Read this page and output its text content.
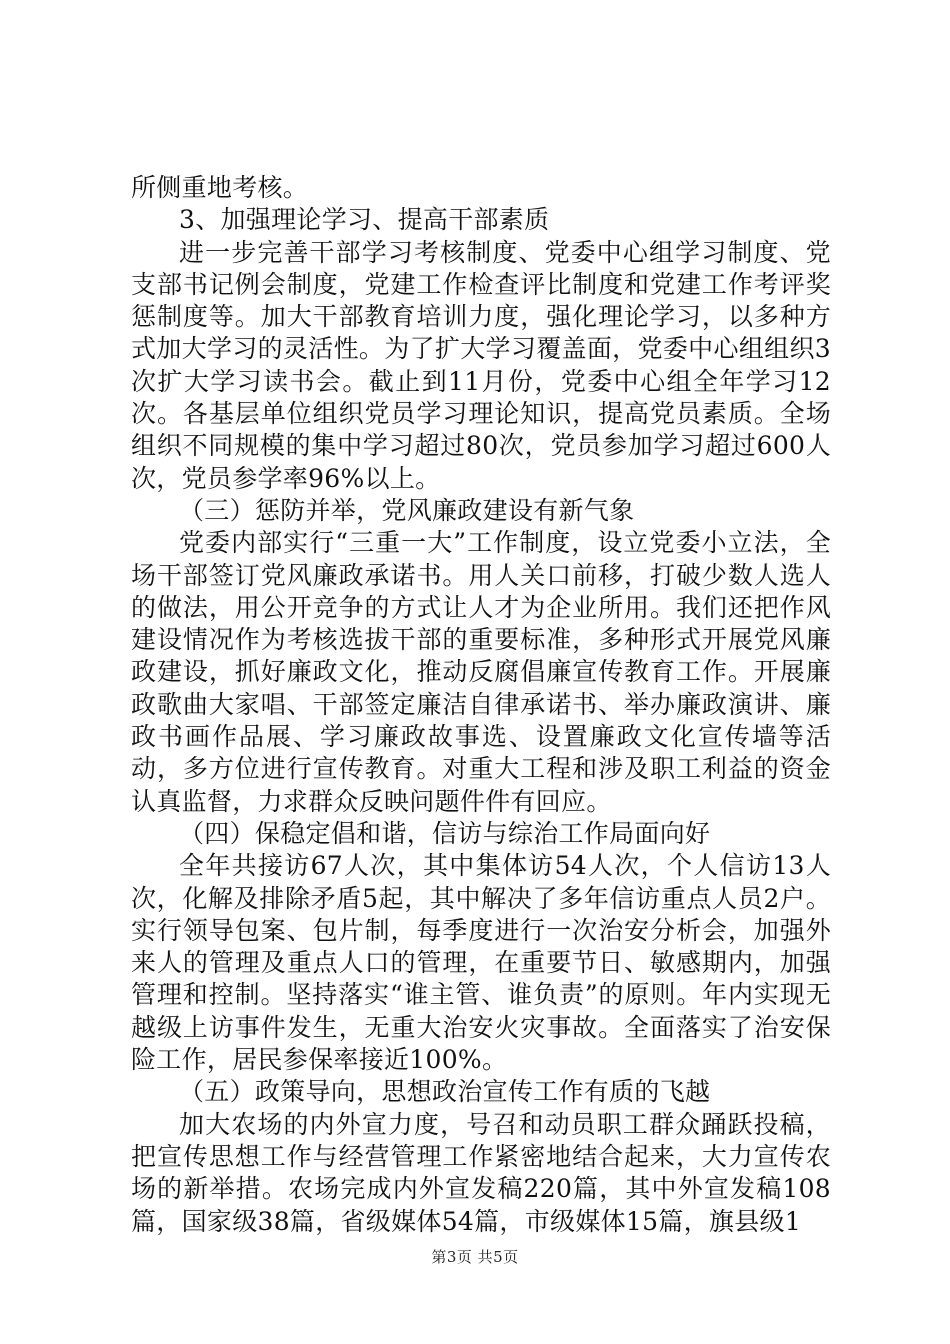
所侧重地考核。

3、加强理论学习、提高干部素质

进一步完善干部学习考核制度、党委中心组学习制度、党支部书记例会制度，党建工作检查评比制度和党建工作考评奖惩制度等。加大干部教育培训力度，强化理论学习，以多种方式加大学习的灵活性。为了扩大学习覆盖面，党委中心组组织3次扩大学习读书会。截止到11月份，党委中心组全年学习12次。各基层单位组织党员学习理论知识，提高党员素质。全场组织不同规模的集中学习超过80次，党员参加学习超过600人次，党员参学率96%以上。

（三）惩防并举，党风廉政建设有新气象

党委内部实行“三重一大”工作制度，设立党委小立法，全场干部签订党风廉政承诺书。用人关口前移，打破少数人选人的做法，用公开竞争的方式让人才为企业所用。我们还把作风建设情况作为考核选拔干部的重要标准，多种形式开展党风廉政建设，抓好廉政文化，推动反腐倡廉宣传教育工作。开展廉政歌曲大家唱、干部签定廉洁自律承诺书、举办廉政演讲、廉政书画作品展、学习廉政故事选、设置廉政文化宣传墙等活动，多方位进行宣传教育。对重大工程和涉及职工利益的资金认真监督，力求群众反映问题件件有回应。

（四）保稳定倡和谐，信访与综治工作局面向好

全年共接访67人次，其中集体访54人次，个人信访13人次，化解及排除矛盾5起，其中解决了多年信访重点人员2户。实行领导包案、包片制，每季度进行一次治安分析会，加强外来人的管理及重点人口的管理，在重要节日、敏感期内，加强管理和控制。坚持落实“谁主管、谁负责”的原则。年内实现无越级上访事件发生，无重大治安火灾事故。全面落实了治安保险工作，居民参保率接近100%。

（五）政策导向，思想政治宣传工作有质的飞越

加大农场的内外宣力度，号召和动员职工群众踊跃投稿，把宣传思想工作与经营管理工作紧密地结合起来，大力宣传农场的新举措。农场完成内外宣发稿220篇，其中外宣发稿108篇，国家级38篇，省级媒体54篇，市级媒体15篇，旗县级1

第3页 共5页
